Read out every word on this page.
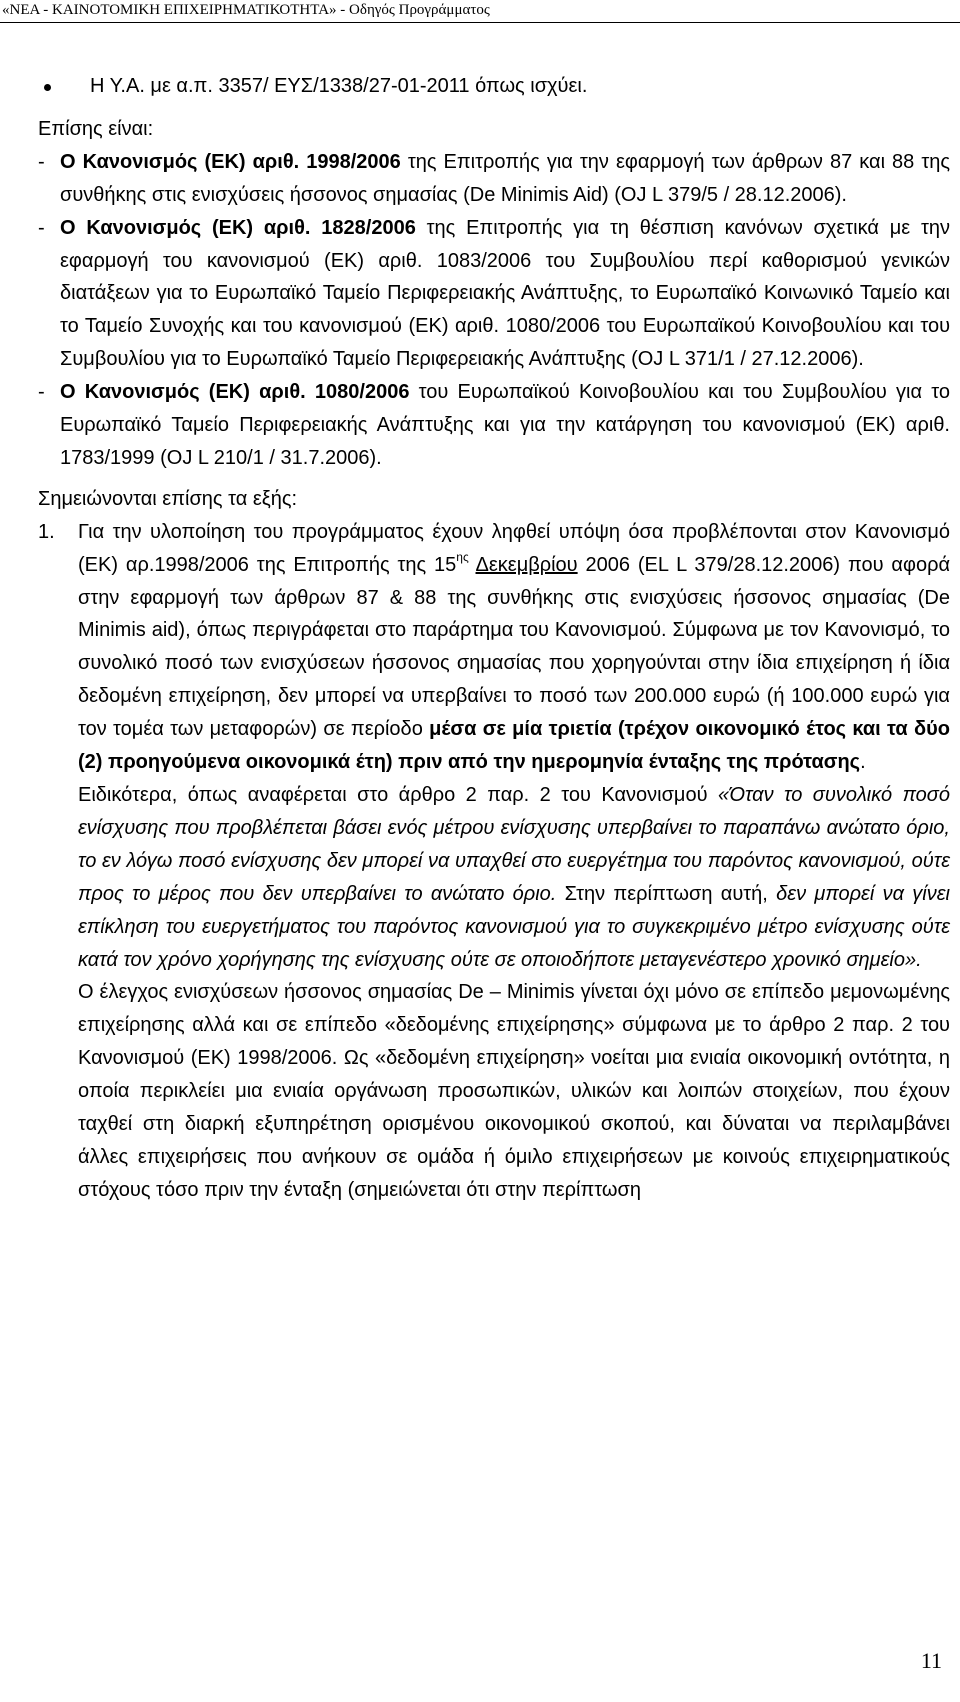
«ΝΕΑ - ΚΑΙΝΟΤΟΜΙΚΗ ΕΠΙΧΕΙΡΗΜΑΤΙΚΟΤΗΤΑ» - Οδηγός Προγράμματος
Η Υ.Α. με α.π. 3357/ ΕΥΣ/1338/27-01-2011 όπως ισχύει.

Επίσης είναι:

- Ο Κανονισμός (ΕΚ) αριθ. 1998/2006 της Επιτροπής για την εφαρμογή των άρθρων 87 και 88 της συνθήκης στις ενισχύσεις ήσσονος σημασίας (De Minimis Aid) (OJ L 379/5 / 28.12.2006).
- Ο Κανονισμός (ΕΚ) αριθ. 1828/2006 της Επιτροπής για τη θέσπιση κανόνων σχετικά με την εφαρμογή του κανονισμού (ΕΚ) αριθ. 1083/2006 του Συμβουλίου περί καθορισμού γενικών διατάξεων για το Ευρωπαϊκό Ταμείο Περιφερειακής Ανάπτυξης, το Ευρωπαϊκό Κοινωνικό Ταμείο και το Ταμείο Συνοχής και του κανονισμού (ΕΚ) αριθ. 1080/2006 του Ευρωπαϊκού Κοινοβουλίου και του Συμβουλίου για το Ευρωπαϊκό Ταμείο Περιφερειακής Ανάπτυξης (OJ L 371/1 / 27.12.2006).
- Ο Κανονισμός (ΕΚ) αριθ. 1080/2006 του Ευρωπαϊκού Κοινοβουλίου και του Συμβουλίου για το Ευρωπαϊκό Ταμείο Περιφερειακής Ανάπτυξης και για την κατάργηση του κανονισμού (ΕΚ) αριθ. 1783/1999 (OJ L 210/1 / 31.7.2006).

Σημειώνονται επίσης τα εξής:

1. Για την υλοποίηση του προγράμματος έχουν ληφθεί υπόψη όσα προβλέπονται στον Κανονισμό (ΕΚ) αρ.1998/2006 της Επιτροπής της $15^{\eta\varsigma}$ Δεκεμβρίου 2006 (EL L 379/28.12.2006) που αφορά στην εφαρμογή των άρθρων 87 & 88 της συνθήκης στις ενισχύσεις ήσσονος σημασίας (De Minimis aid), όπως περιγράφεται στο παράρτημα του Κανονισμού. Σύμφωνα με τον Κανονισμό, το συνολικό ποσό των ενισχύσεων ήσσονος σημασίας που χορηγούνται στην ίδια επιχείρηση ή ίδια δεδομένη επιχείρηση, δεν μπορεί να υπερβαίνει το ποσό των 200.000 ευρώ (ή 100.000 ευρώ για τον τομέα των μεταφορών) σε περίοδο μέσα σε μία τριετία (τρέχον οικονομικό έτος και τα δύο (2) προηγούμενα οικονομικά έτη) πριν από την ημερομηνία ένταξης της πρότασης.
Ειδικότερα, όπως αναφέρεται στο άρθρο 2 παρ. 2 του Κανονισμού «Όταν το συνολικό ποσό ενίσχυσης που προβλέπεται βάσει ενός μέτρου ενίσχυσης υπερβαίνει το παραπάνω ανώτατο όριο, το εν λόγω ποσό ενίσχυσης δεν μπορεί να υπαχθεί στο ευεργέτημα του παρόντος κανονισμού, ούτε προς το μέρος που δεν υπερβαίνει το ανώτατο όριο. Στην περίπτωση αυτή, δεν μπορεί να γίνει επίκληση του ευεργετήματος του παρόντος κανονισμού για το συγκεκριμένο μέτρο ενίσχυσης ούτε κατά τον χρόνο χορήγησης της ενίσχυσης ούτε σε οποιοδήποτε μεταγενέστερο χρονικό σημείο».
Ο έλεγχος ενισχύσεων ήσσονος σημασίας De – Minimis γίνεται όχι μόνο σε επίπεδο μεμονωμένης επιχείρησης αλλά και σε επίπεδο «δεδομένης επιχείρησης» σύμφωνα με το άρθρο 2 παρ. 2 του Κανονισμού (ΕΚ) 1998/2006. Ως «δεδομένη επιχείρηση» νοείται μια ενιαία οικονομική οντότητα, η οποία περικλείει μια ενιαία οργάνωση προσωπικών, υλικών και λοιπών στοιχείων, που έχουν ταχθεί στη διαρκή εξυπηρέτηση ορισμένου οικονομικού σκοπού, και δύναται να περιλαμβάνει άλλες επιχειρήσεις που ανήκουν σε ομάδα ή όμιλο επιχειρήσεων με κοινούς επιχειρηματικούς στόχους τόσο πριν την ένταξη (σημειώνεται ότι στην περίπτωση
11
